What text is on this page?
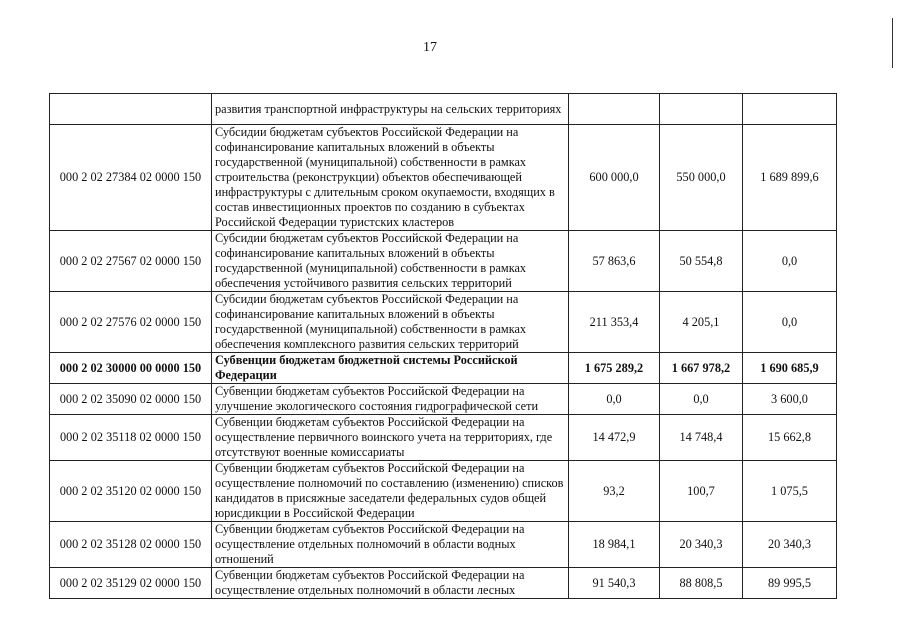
17
	развития транспортной инфраструктуры на сельских территориях			
000 2 02 27384 02 0000 150	Субсидии бюджетам субъектов Российской Федерации на софинансирование капитальных вложений в объекты государственной (муниципальной) собственности в рамках строительства (реконструкции) объектов обеспечивающей инфраструктуры с длительным сроком окупаемости, входящих в состав инвестиционных проектов по созданию в субъектах Российской Федерации туристских кластеров	600 000,0	550 000,0	1 689 899,6
000 2 02 27567 02 0000 150	Субсидии бюджетам субъектов Российской Федерации на софинансирование капитальных вложений в объекты государственной (муниципальной) собственности в рамках обеспечения устойчивого развития сельских территорий	57 863,6	50 554,8	0,0
000 2 02 27576 02 0000 150	Субсидии бюджетам субъектов Российской Федерации на софинансирование капитальных вложений в объекты государственной (муниципальной) собственности в рамках обеспечения комплексного развития сельских территорий	211 353,4	4 205,1	0,0
000 2 02 30000 00 0000 150	Субвенции бюджетам бюджетной системы Российской Федерации	1 675 289,2	1 667 978,2	1 690 685,9
000 2 02 35090 02 0000 150	Субвенции бюджетам субъектов Российской Федерации на улучшение экологического состояния гидрографической сети	0,0	0,0	3 600,0
000 2 02 35118 02 0000 150	Субвенции бюджетам субъектов Российской Федерации на осуществление первичного воинского учета на территориях, где отсутствуют военные комиссариаты	14 472,9	14 748,4	15 662,8
000 2 02 35120 02 0000 150	Субвенции бюджетам субъектов Российской Федерации на осуществление полномочий по составлению (изменению) списков кандидатов в присяжные заседатели федеральных судов общей юрисдикции в Российской Федерации	93,2	100,7	1 075,5
000 2 02 35128 02 0000 150	Субвенции бюджетам субъектов Российской Федерации на осуществление отдельных полномочий в области водных отношений	18 984,1	20 340,3	20 340,3
000 2 02 35129 02 0000 150	Субвенции бюджетам субъектов Российской Федерации на осуществление отдельных полномочий в области лесных	91 540,3	88 808,5	89 995,5
